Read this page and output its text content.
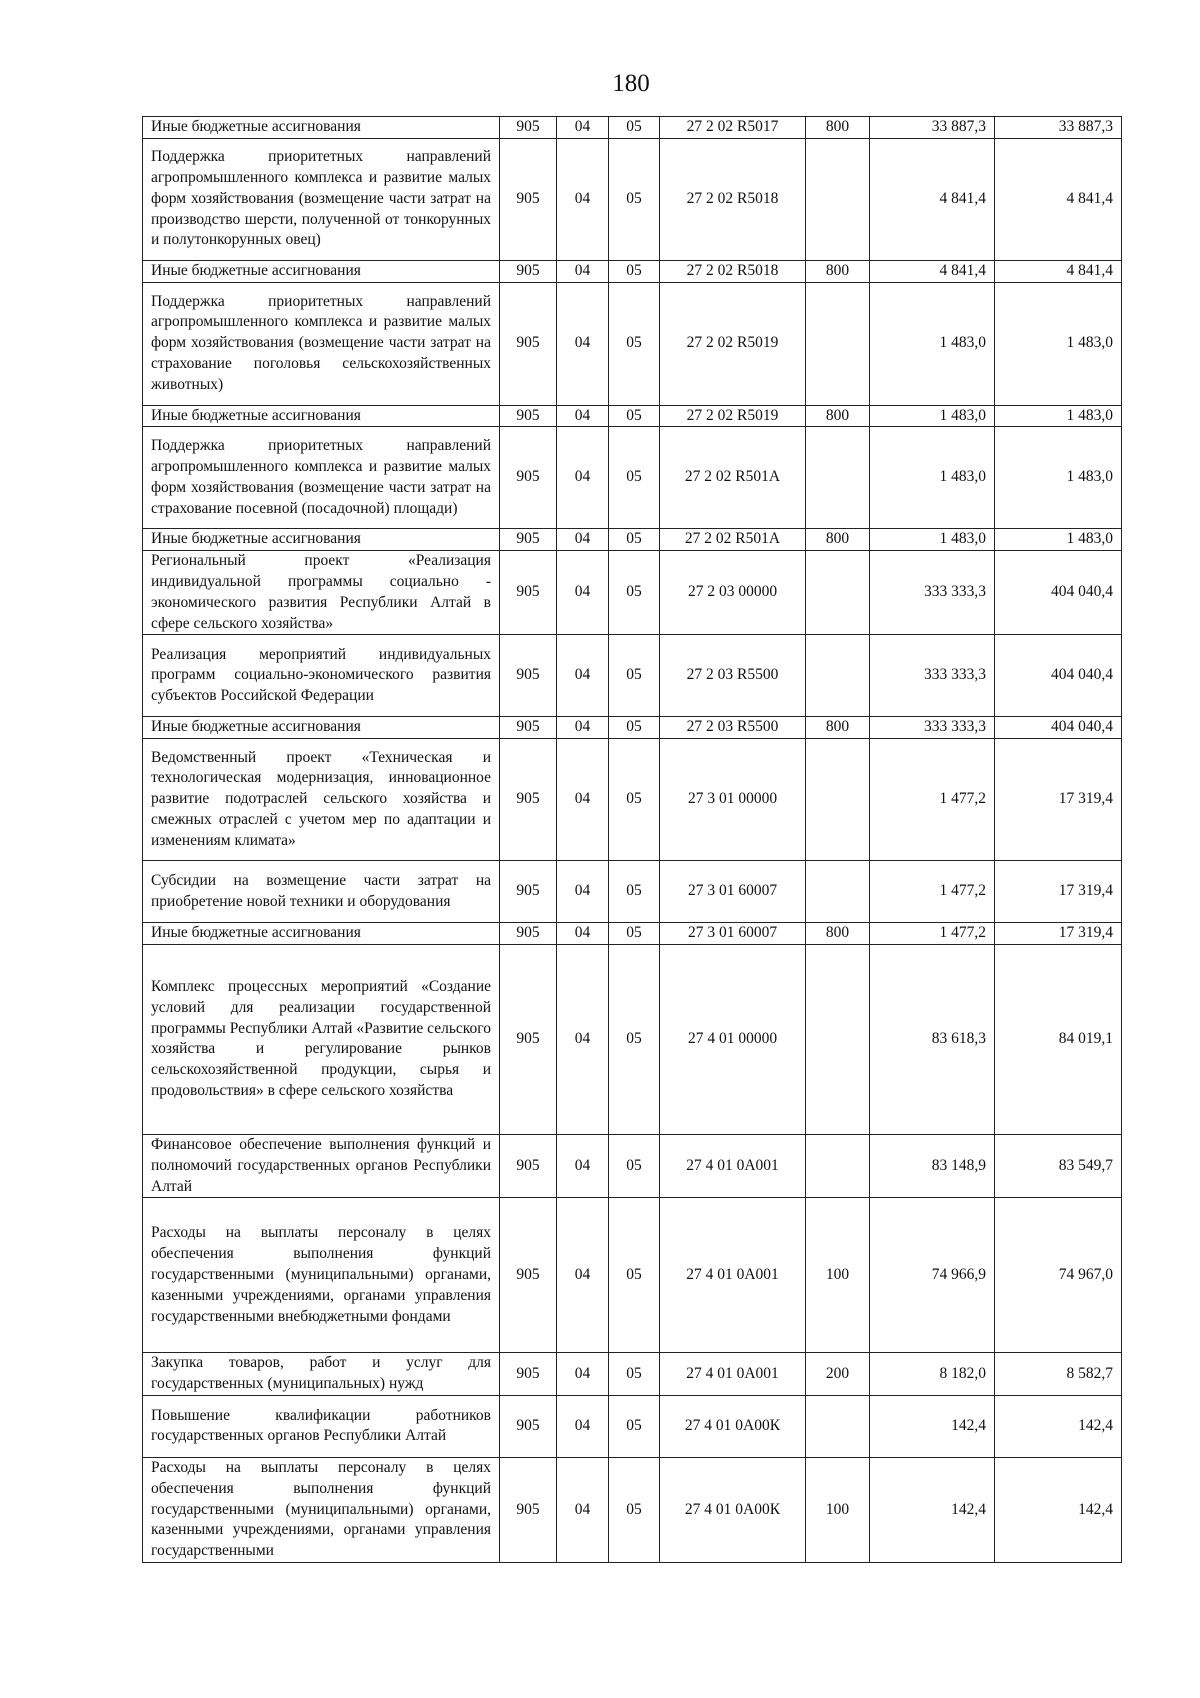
180
Иные бюджетные ассигнования	905	04	05	27 2 02 R5017	800	33 887,3	33 887,3
Поддержка приоритетных направлений агропромышленного комплекса и развитие малых форм хозяйствования (возмещение части затрат на производство шерсти, полученной от тонкорунных и полутонкорунных овец)	905	04	05	27 2 02 R5018		4 841,4	4 841,4
Иные бюджетные ассигнования	905	04	05	27 2 02 R5018	800	4 841,4	4 841,4
Поддержка приоритетных направлений агропромышленного комплекса и развитие малых форм хозяйствования (возмещение части затрат на страхование поголовья сельскохозяйственных животных)	905	04	05	27 2 02 R5019		1 483,0	1 483,0
Иные бюджетные ассигнования	905	04	05	27 2 02 R5019	800	1 483,0	1 483,0
Поддержка приоритетных направлений агропромышленного комплекса и развитие малых форм хозяйствования (возмещение части затрат на страхование посевной (посадочной) площади)	905	04	05	27 2 02 R501A		1 483,0	1 483,0
Иные бюджетные ассигнования	905	04	05	27 2 02 R501A	800	1 483,0	1 483,0
Региональный проект «Реализация индивидуальной программы социально - экономического развития Республики Алтай в сфере сельского хозяйства»	905	04	05	27 2 03 00000		333 333,3	404 040,4
Реализация мероприятий индивидуальных программ социально-экономического развития субъектов Российской Федерации	905	04	05	27 2 03 R5500		333 333,3	404 040,4
Иные бюджетные ассигнования	905	04	05	27 2 03 R5500	800	333 333,3	404 040,4
Ведомственный проект «Техническая и технологическая модернизация, инновационное развитие подотраслей сельского хозяйства и смежных отраслей с учетом мер по адаптации и изменениям климата»	905	04	05	27 3 01 00000		1 477,2	17 319,4
Субсидии на возмещение части затрат на приобретение новой техники и оборудования	905	04	05	27 3 01 60007		1 477,2	17 319,4
Иные бюджетные ассигнования	905	04	05	27 3 01 60007	800	1 477,2	17 319,4
Комплекс процессных мероприятий «Создание условий для реализации государственной программы Республики Алтай «Развитие сельского хозяйства и регулирование рынков сельскохозяйственной продукции, сырья и продовольствия» в сфере сельского хозяйства	905	04	05	27 4 01 00000		83 618,3	84 019,1
Финансовое обеспечение выполнения функций и полномочий государственных органов Республики Алтай	905	04	05	27 4 01 0А001		83 148,9	83 549,7
Расходы на выплаты персоналу в целях обеспечения выполнения функций государственными (муниципальными) органами, казенными учреждениями, органами управления государственными внебюджетными фондами	905	04	05	27 4 01 0А001	100	74 966,9	74 967,0
Закупка товаров, работ и услуг для государственных (муниципальных) нужд	905	04	05	27 4 01 0А001	200	8 182,0	8 582,7
Повышение квалификации работников государственных органов Республики Алтай	905	04	05	27 4 01 0А00К		142,4	142,4
Расходы на выплаты персоналу в целях обеспечения выполнения функций государственными (муниципальными) органами, казенными учреждениями, органами управления государственными	905	04	05	27 4 01 0А00К	100	142,4	142,4
